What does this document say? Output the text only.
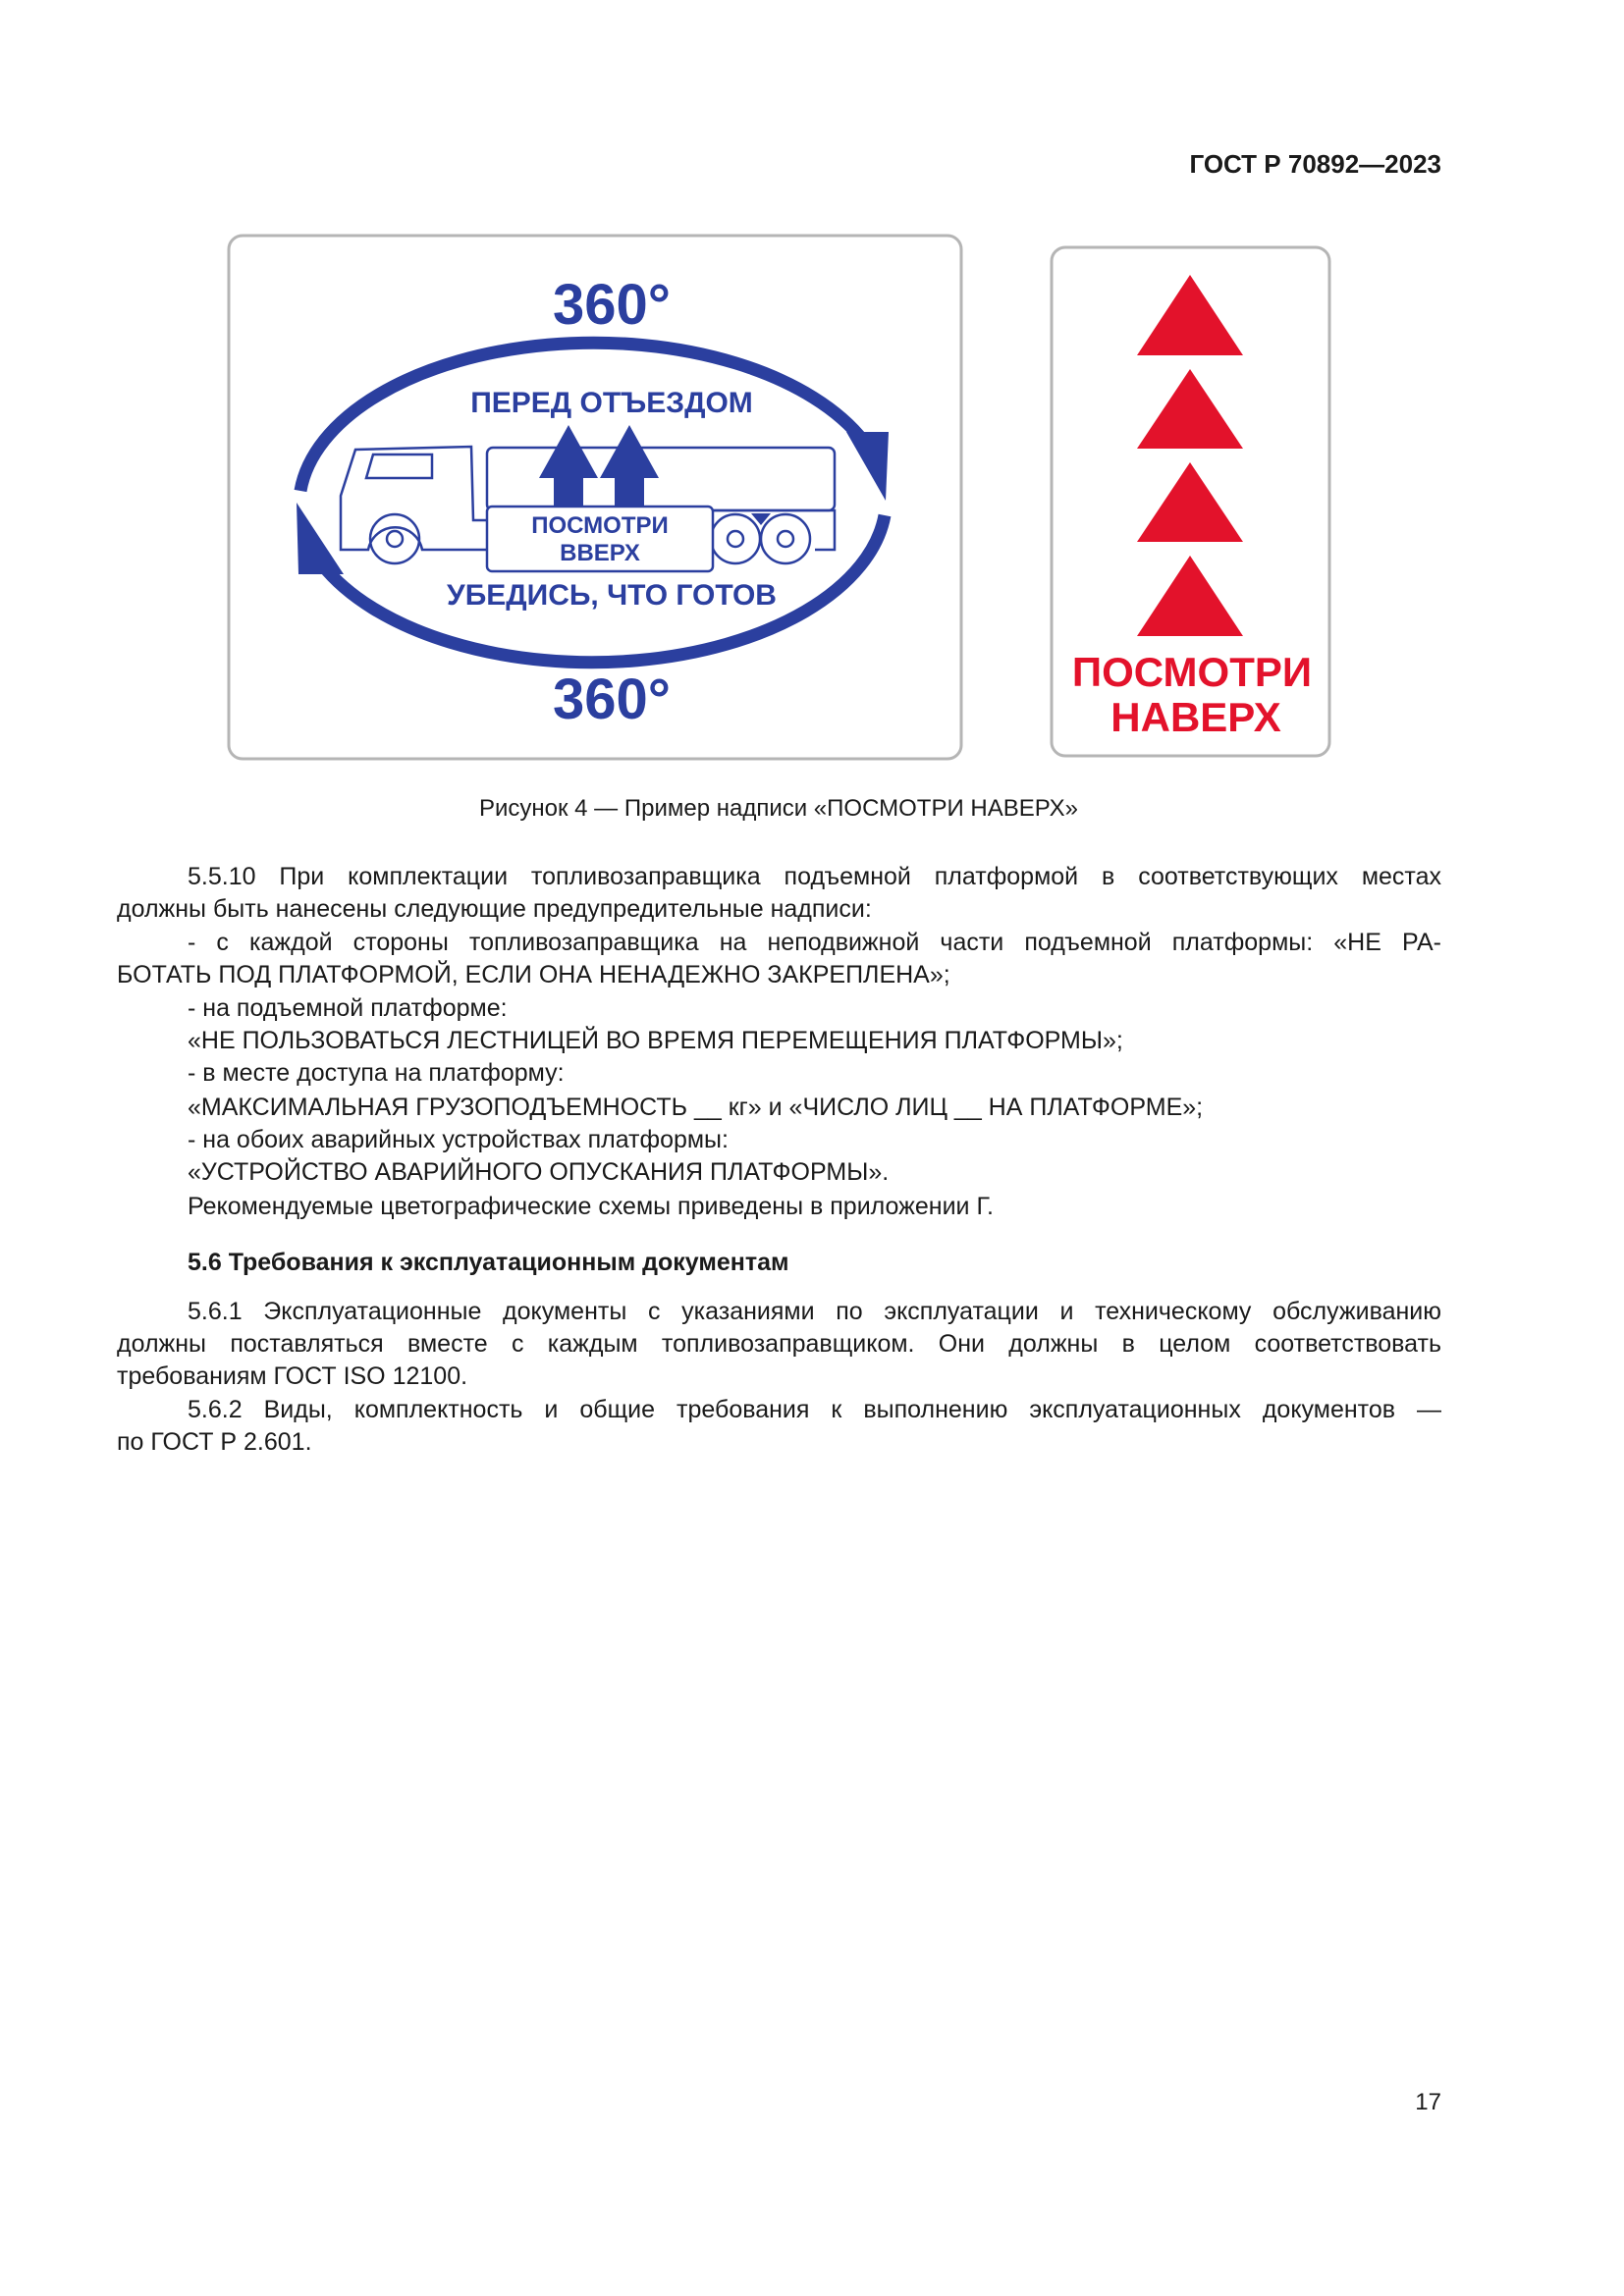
ГОСТ Р 70892—2023
360°
ПЕРЕД ОТЪЕЗДОМ
ПОСМОТРИ
ВВЕРХ
УБЕДИСЬ, ЧТО ГОТОВ
360°	ПОСМОТРИ
НАВЕРХ
Рисунок 4 — Пример надписи «ПОСМОТРИ НАВЕРХ»
5.5.10 При комплектации топливозаправщика подъемной платформой в соответствующих местах
должны быть нанесены следующие предупредительные надписи:
- с каждой стороны топливозаправщика на неподвижной части подъемной платформы: «НЕ РА-
БОТАТЬ ПОД ПЛАТФОРМОЙ, ЕСЛИ ОНА НЕНАДЕЖНО ЗАКРЕПЛЕНА»;
- на подъемной платформе:
«НЕ ПОЛЬЗОВАТЬСЯ ЛЕСТНИЦЕЙ ВО ВРЕМЯ ПЕРЕМЕЩЕНИЯ ПЛАТФОРМЫ»;
- в месте доступа на платформу:
«МАКСИМАЛЬНАЯ ГРУЗОПОДЪЕМНОСТЬ __ кг» и «ЧИСЛО ЛИЦ __ НА ПЛАТФОРМЕ»;
- на обоих аварийных устройствах платформы:
«УСТРОЙСТВО АВАРИЙНОГО ОПУСКАНИЯ ПЛАТФОРМЫ».
Рекомендуемые цветографические схемы приведены в приложении Г.
5.6 Требования к эксплуатационным документам
5.6.1 Эксплуатационные документы с указаниями по эксплуатации и техническому обслуживанию
должны поставляться вместе с каждым топливозаправщиком. Они должны в целом соответствовать
требованиям ГОСТ ISO 12100.
5.6.2 Виды, комплектность и общие требования к выполнению эксплуатационных документов —
по ГОСТ Р 2.601.
17
